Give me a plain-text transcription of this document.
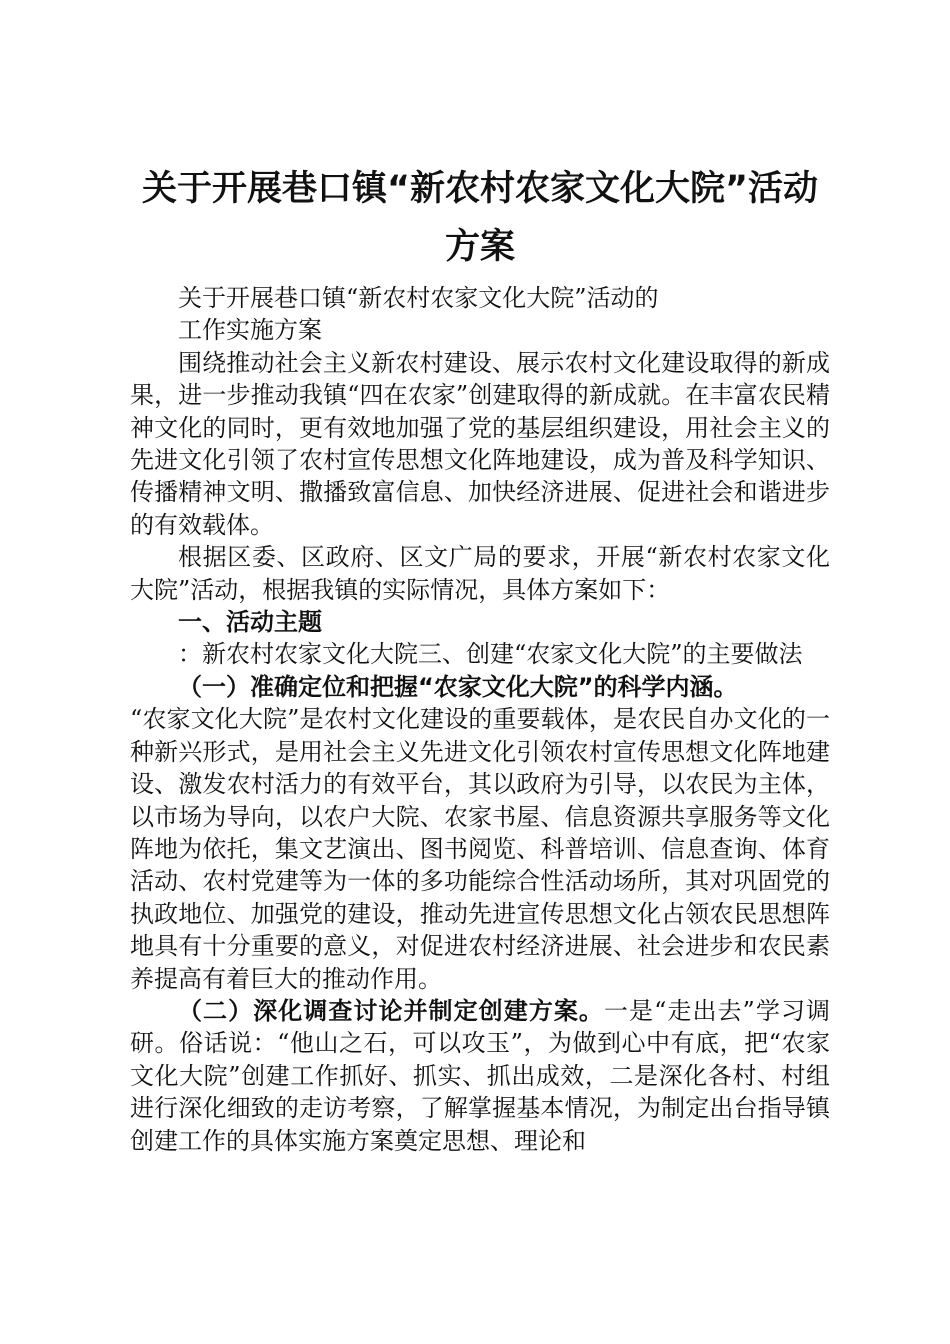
关于开展巷口镇“新农村农家文化大院”活动
方案

关于开展巷口镇“新农村农家文化大院”活动的

工作实施方案

围绕推动社会主义新农村建设、展示农村文化建设取得的新成果，进一步推动我镇“四在农家”创建取得的新成就。在丰富农民精神文化的同时，更有效地加强了党的基层组织建设，用社会主义的先进文化引领了农村宣传思想文化阵地建设，成为普及科学知识、传播精神文明、撒播致富信息、加快经济进展、促进社会和谐进步的有效载体。

根据区委、区政府、区文广局的要求，开展“新农村农家文化大院”活动，根据我镇的实际情况，具体方案如下：

一、活动主题

：新农村农家文化大院三、创建“农家文化大院”的主要做法

（一）准确定位和把握“农家文化大院”的科学内涵。

“农家文化大院”是农村文化建设的重要载体，是农民自办文化的一种新兴形式，是用社会主义先进文化引领农村宣传思想文化阵地建设、激发农村活力的有效平台，其以政府为引导，以农民为主体，以市场为导向，以农户大院、农家书屋、信息资源共享服务等文化阵地为依托，集文艺演出、图书阅览、科普培训、信息查询、体育活动、农村党建等为一体的多功能综合性活动场所，其对巩固党的执政地位、加强党的建设，推动先进宣传思想文化占领农民思想阵地具有十分重要的意义，对促进农村经济进展、社会进步和农民素养提高有着巨大的推动作用。

（二）深化调查讨论并制定创建方案。一是“走出去”学习调研。俗话说：“他山之石，可以攻玉”，为做到心中有底，把“农家文化大院”创建工作抓好、抓实、抓出成效，二是深化各村、村组进行深化细致的走访考察，了解掌握基本情况，为制定出台指导镇创建工作的具体实施方案奠定思想、理论和
